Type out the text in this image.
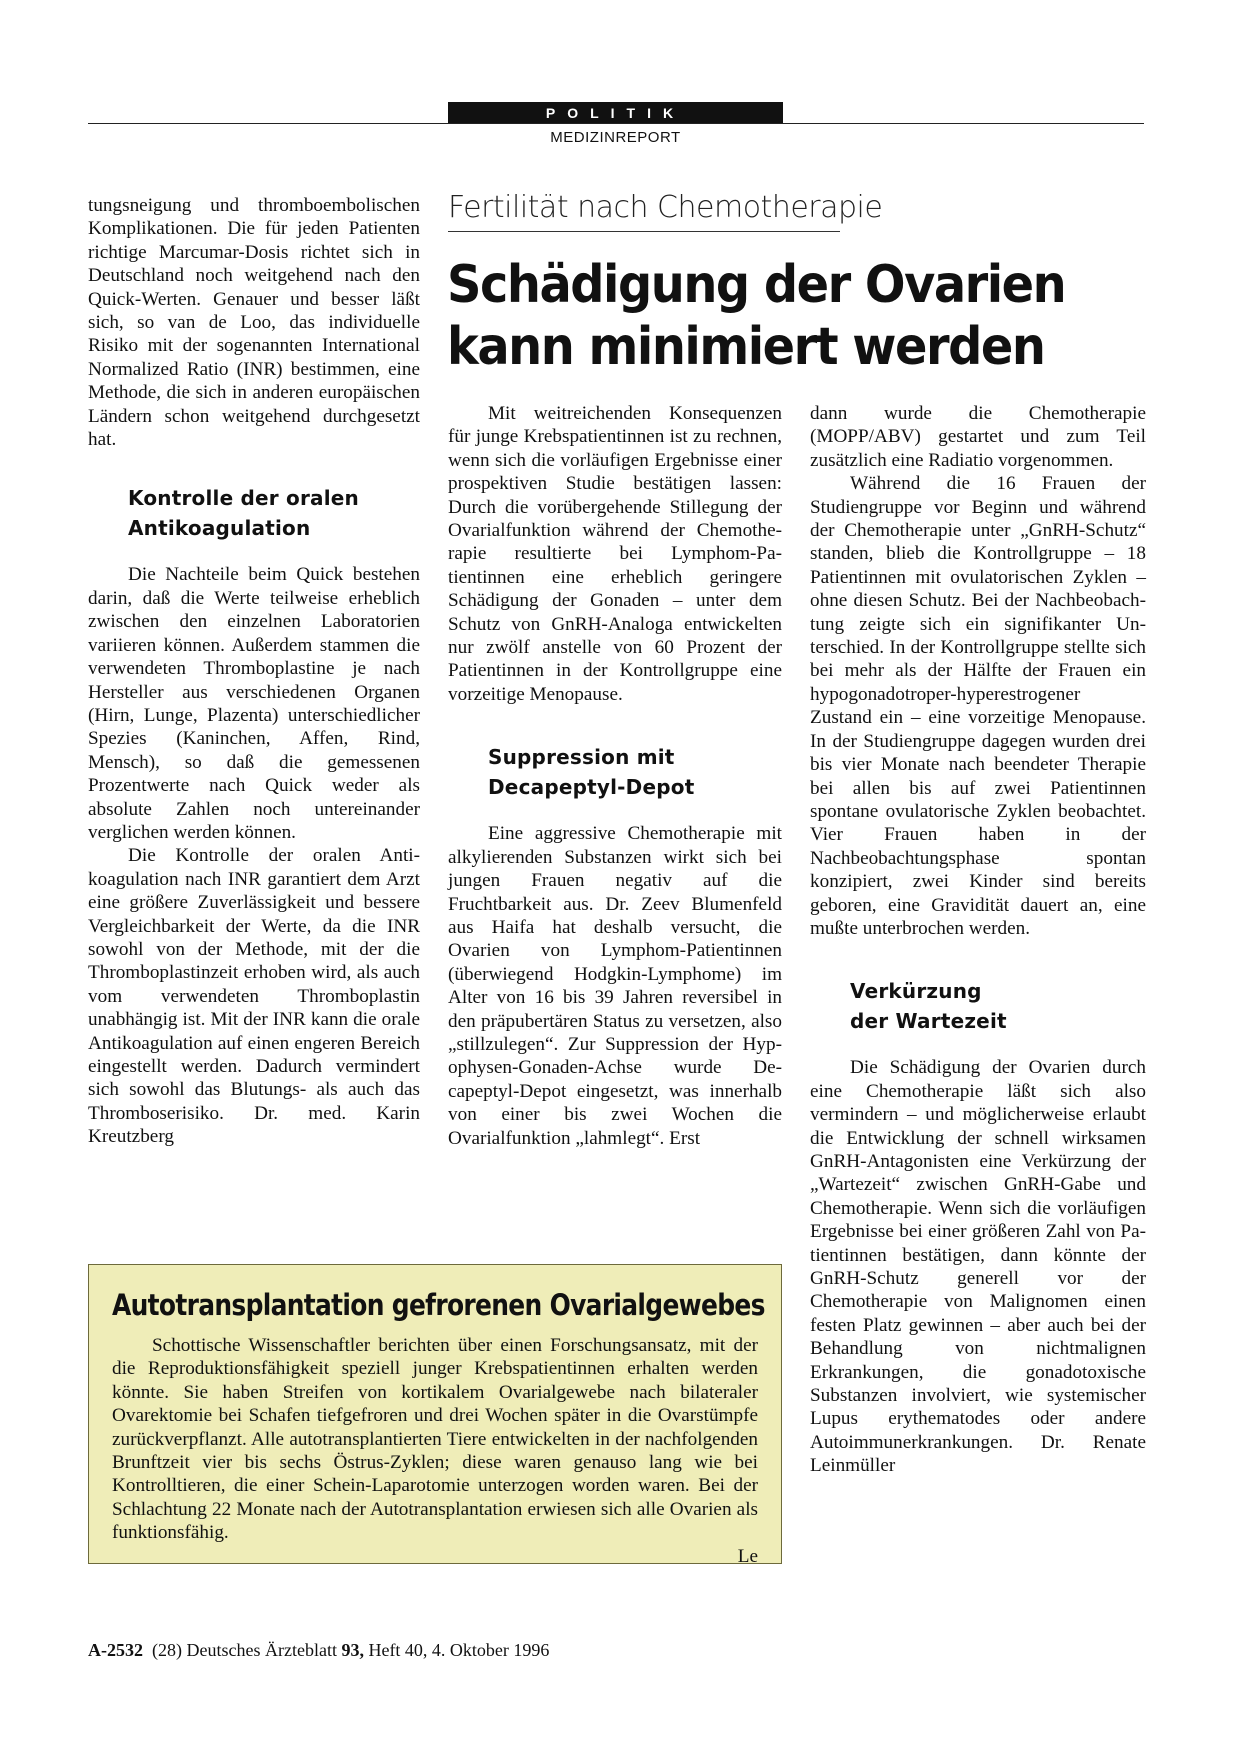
POLITIK
MEDIZINREPORT

tungsneigung und thromboembolischen Komplikationen. Die für jeden Patienten richtige Marcumar-Dosis richtet sich in Deutschland noch weitgehend nach den Quick-Werten. Genauer und besser läßt sich, so van de Loo, das individuelle Risiko mit der sogenannten International Normalized Ratio (INR) bestimmen, eine Methode, die sich in anderen europäischen Ländern schon weitgehend durchgesetzt hat.

Kontrolle der oralen
Antikoagulation

Die Nachteile beim Quick bestehen darin, daß die Werte teilweise erheblich zwischen den einzelnen Laboratorien variieren können. Außerdem stammen die verwendeten Thromboplastine je nach Hersteller aus verschiedenen Organen (Hirn, Lunge, Plazenta) unterschiedlicher Spezies (Kaninchen, Affen, Rind, Mensch), so daß die gemessenen Prozentwerte nach Quick weder als absolute Zahlen noch untereinander verglichen werden können.

Die Kontrolle der oralen Antikoagulation nach INR garantiert dem Arzt eine größere Zuverlässigkeit und bessere Vergleichbarkeit der Werte, da die INR sowohl von der Methode, mit der die Thromboplastinzeit erhoben wird, als auch vom verwendeten Thromboplastin unabhängig ist. Mit der INR kann die orale Antikoagulation auf einen engeren Bereich eingestellt werden. Dadurch vermindert sich sowohl das Blutungs- als auch das Thromboserisiko. Dr. med. Karin Kreutzberg

Fertilität nach Chemotherapie
Schädigung der Ovarien
kann minimiert werden

Mit weitreichenden Konsequenzen für junge Krebspatientinnen ist zu rechnen, wenn sich die vorläufigen Ergebnisse einer prospektiven Studie bestätigen lassen: Durch die vorübergehende Stillegung der Ovarialfunktion während der Chemotherapie resultierte bei Lymphom-Patientinnen eine erheblich geringere Schädigung der Gonaden – unter dem Schutz von GnRH-Analoga entwickelten nur zwölf anstelle von 60 Prozent der Patientinnen in der Kontrollgruppe eine vorzeitige Menopause.

Suppression mit
Decapeptyl-Depot

Eine aggressive Chemotherapie mit alkylierenden Substanzen wirkt sich bei jungen Frauen negativ auf die Fruchtbarkeit aus. Dr. Zeev Blumenfeld aus Haifa hat deshalb versucht, die Ovarien von Lymphom-Patientinnen (überwiegend Hodgkin-Lymphome) im Alter von 16 bis 39 Jahren reversibel in den präpubertären Status zu versetzen, also „stillzulegen“. Zur Suppression der Hypophysen-Gonaden-Achse wurde Decapeptyl-Depot eingesetzt, was innerhalb von einer bis zwei Wochen die Ovarialfunktion „lahmlegt“. Erst

dann wurde die Chemotherapie (MOPP/ABV) gestartet und zum Teil zusätzlich eine Radiatio vorgenommen.

Während die 16 Frauen der Studiengruppe vor Beginn und während der Chemotherapie unter „GnRH-Schutz“ standen, blieb die Kontrollgruppe – 18 Patientinnen mit ovulatorischen Zyklen – ohne diesen Schutz. Bei der Nachbeobachtung zeigte sich ein signifikanter Unterschied. In der Kontrollgruppe stellte sich bei mehr als der Hälfte der Frauen ein hypogonadotroper-hyperestrogener Zustand ein – eine vorzeitige Menopause. In der Studiengruppe dagegen wurden drei bis vier Monate nach beendeter Therapie bei allen bis auf zwei Patientinnen spontane ovulatorische Zyklen beobachtet. Vier Frauen haben in der Nachbeobachtungsphase spontan konzipiert, zwei Kinder sind bereits geboren, eine Gravidität dauert an, eine mußte unterbrochen werden.

Verkürzung
der Wartezeit

Die Schädigung der Ovarien durch eine Chemotherapie läßt sich also vermindern – und möglicherweise erlaubt die Entwicklung der schnell wirksamen GnRH-Antagonisten eine Verkürzung der „Wartezeit“ zwischen GnRH-Gabe und Chemotherapie. Wenn sich die vorläufigen Ergebnisse bei einer größeren Zahl von Patientinnen bestätigen, dann könnte der GnRH-Schutz generell vor der Chemotherapie von Malignomen einen festen Platz gewinnen – aber auch bei der Behandlung von nichtmalignen Erkrankungen, die gonadotoxische Substanzen involviert, wie systemischer Lupus erythematodes oder andere Autoimmunerkrankungen. Dr. Renate Leinmüller

Autotransplantation gefrorenen Ovarialgewebes

Schottische Wissenschaftler berichten über einen Forschungsansatz, mit der die Reproduktionsfähigkeit speziell junger Krebspatientinnen erhalten werden könnte. Sie haben Streifen von kortikalem Ovarialgewebe nach bilateraler Ovarektomie bei Schafen tiefgefroren und drei Wochen später in die Ovarstümpfe zurückverpflanzt. Alle autotransplantierten Tiere entwickelten in der nachfolgenden Brunftzeit vier bis sechs Östrus-Zyklen; diese waren genauso lang wie bei Kontrolltieren, die einer Schein-Laparotomie unterzogen worden waren. Bei der Schlachtung 22 Monate nach der Autotransplantation erwiesen sich alle Ovarien als funktionsfähig.

Le

A-2532 (28) Deutsches Ärzteblatt 93, Heft 40, 4. Oktober 1996
